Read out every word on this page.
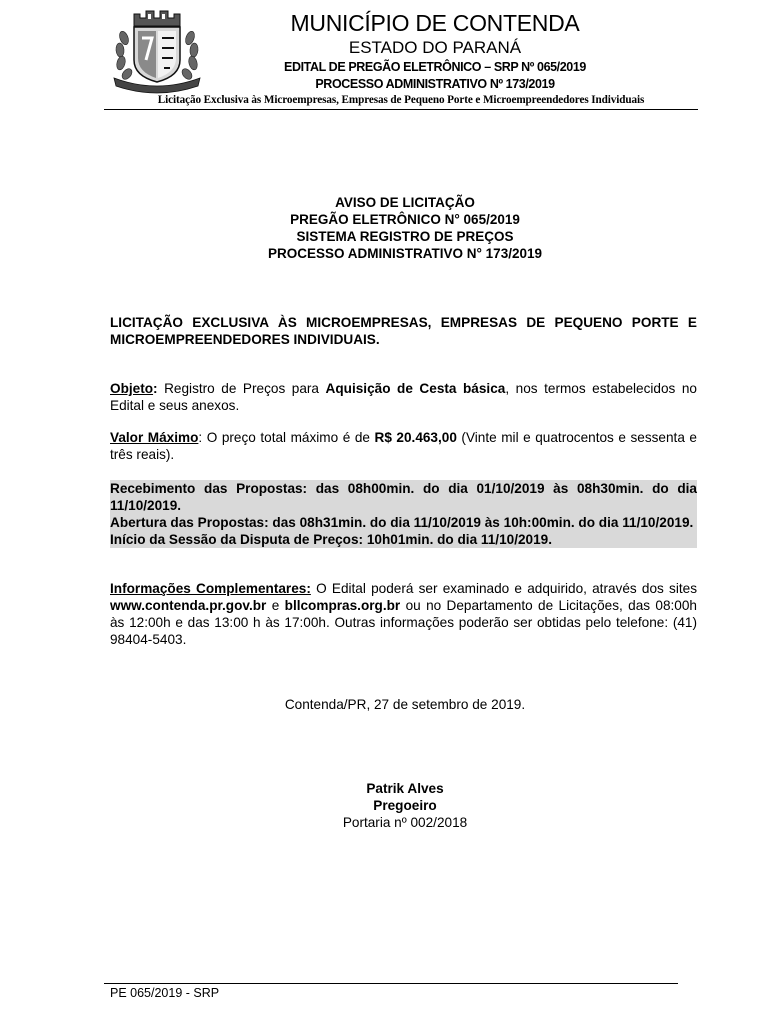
MUNICÍPIO DE CONTENDA
ESTADO DO PARANÁ
EDITAL DE PREGÃO ELETRÔNICO – SRP Nº 065/2019
PROCESSO ADMINISTRATIVO Nº 173/2019
Licitação Exclusiva às Microempresas, Empresas de Pequeno Porte e Microempreendedores Individuais
AVISO DE LICITAÇÃO
PREGÃO ELETRÔNICO N° 065/2019
SISTEMA REGISTRO DE PREÇOS
PROCESSO ADMINISTRATIVO N° 173/2019
LICITAÇÃO EXCLUSIVA ÀS MICROEMPRESAS, EMPRESAS DE PEQUENO PORTE E MICROEMPREENDEDORES INDIVIDUAIS.
Objeto: Registro de Preços para Aquisição de Cesta básica, nos termos estabelecidos no Edital e seus anexos.
Valor Máximo: O preço total máximo é de R$ 20.463,00 (Vinte mil e quatrocentos e sessenta e três reais).
Recebimento das Propostas: das 08h00min. do dia 01/10/2019 às 08h30min. do dia 11/10/2019.
Abertura das Propostas: das 08h31min. do dia 11/10/2019 às 10h:00min. do dia 11/10/2019.
Início da Sessão da Disputa de Preços: 10h01min. do dia 11/10/2019.
Informações Complementares: O Edital poderá ser examinado e adquirido, através dos sites www.contenda.pr.gov.br e bllcompras.org.br ou no Departamento de Licitações, das 08:00h às 12:00h e das 13:00 h às 17:00h. Outras informações poderão ser obtidas pelo telefone: (41) 98404-5403.
Contenda/PR, 27 de setembro de 2019.
Patrik Alves
Pregoeiro
Portaria nº 002/2018
PE 065/2019 - SRP
